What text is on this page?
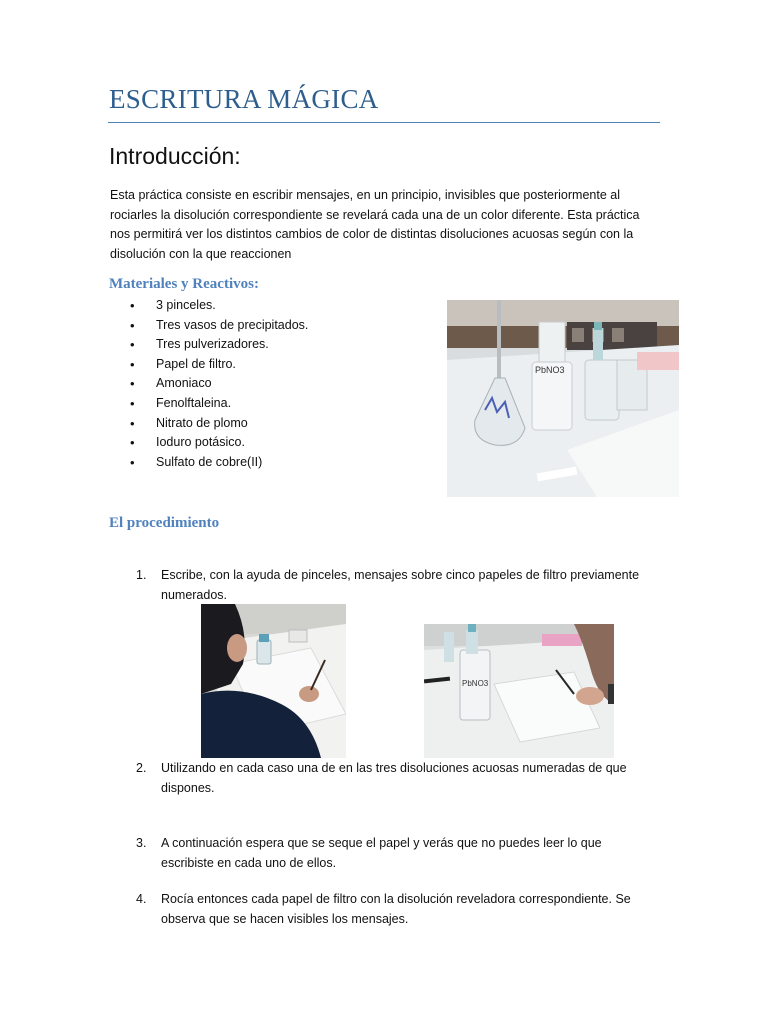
ESCRITURA MÁGICA
Introducción:
Esta práctica consiste en escribir mensajes, en un principio, invisibles que posteriormente al rociarles la disolución correspondiente se revelará cada una de un color diferente. Esta práctica nos permitirá ver los distintos cambios de color de distintas disoluciones acuosas según con la disolución con la que reaccionen
Materiales y Reactivos:
• 3 pinceles.
• Tres vasos de precipitados.
• Tres pulverizadores.
• Papel de filtro.
• Amoniaco
• Fenolftaleina.
• Nitrato de plomo
• Ioduro potásico.
• Sulfato de cobre(II)
PbNO3
El procedimiento
1. Escribe, con la ayuda de pinceles, mensajes sobre cinco papeles de filtro previamente numerados.
2. Utilizando en cada caso una de en las tres disoluciones acuosas numeradas de que dispones.
3. A continuación espera que se seque el papel y verás que no puedes leer lo que escribiste en cada uno de ellos.
4. Rocía entonces cada papel de filtro con la disolución reveladora correspondiente. Se observa que se hacen visibles los mensajes.
PbNO3
